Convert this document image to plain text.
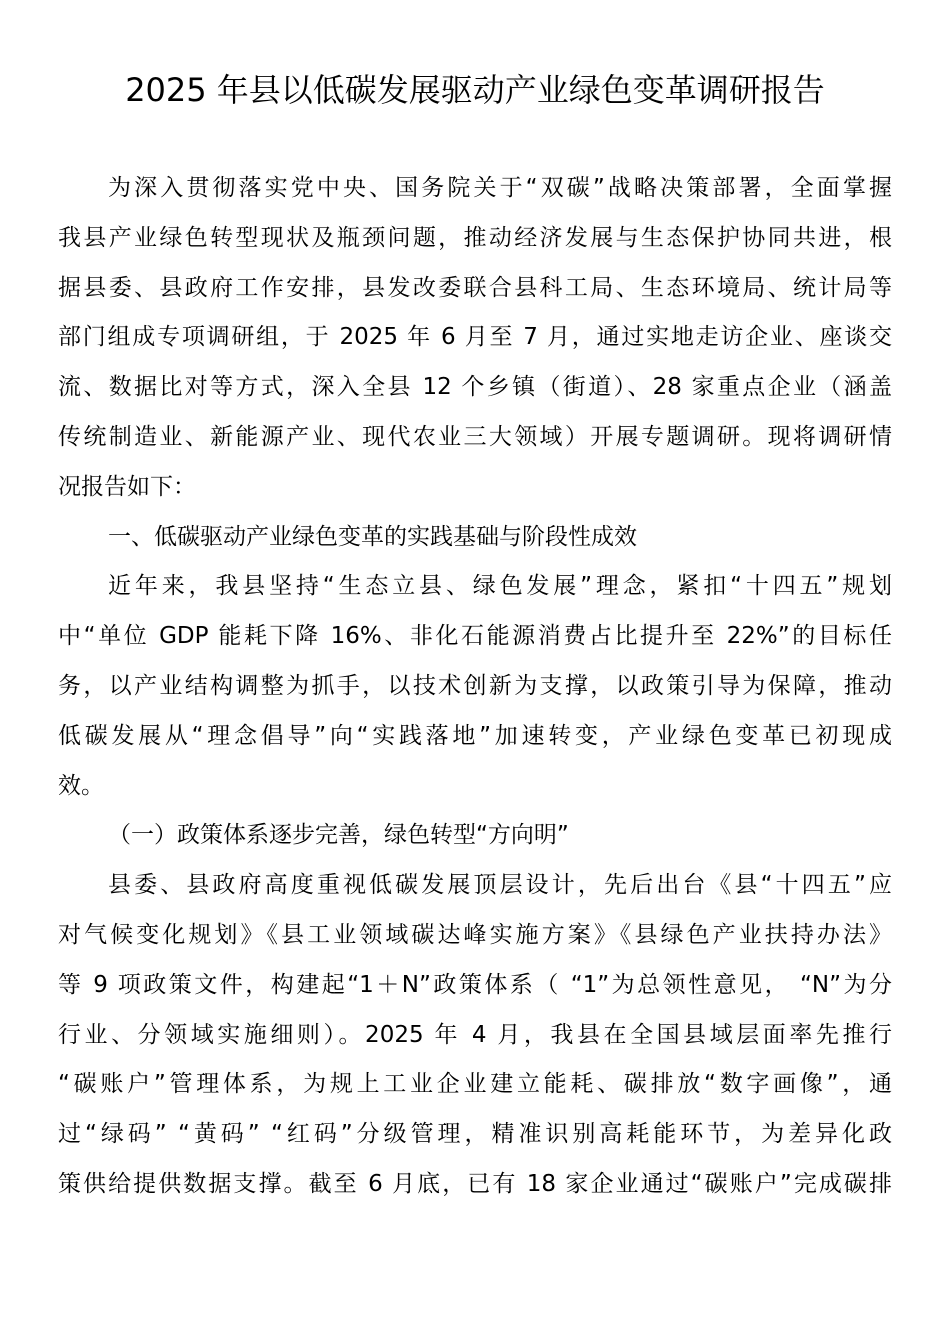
2025 年县以低碳发展驱动产业绿色变革调研报告
为深入贯彻落实党中央、国务院关于“双碳”战略决策部署，全面掌握
我县产业绿色转型现状及瓶颈问题，推动经济发展与生态保护协同共进，根
据县委、县政府工作安排，县发改委联合县科工局、生态环境局、统计局等
部门组成专项调研组，于 2025 年 6 月至 7 月，通过实地走访企业、座谈交
流、数据比对等方式，深入全县 12 个乡镇（街道）、28 家重点企业（涵盖
传统制造业、新能源产业、现代农业三大领域）开展专题调研。现将调研情
况报告如下：
一、低碳驱动产业绿色变革的实践基础与阶段性成效
近年来，我县坚持“生态立县、绿色发展”理念，紧扣“十四五”规划
中“单位 GDP 能耗下降 16%、非化石能源消费占比提升至 22%”的目标任
务，以产业结构调整为抓手，以技术创新为支撑，以政策引导为保障，推动
低碳发展从“理念倡导”向“实践落地”加速转变，产业绿色变革已初现成
效。
（一）政策体系逐步完善，绿色转型“方向明”
县委、县政府高度重视低碳发展顶层设计，先后出台《县“十四五”应
对气候变化规划》《县工业领域碳达峰实施方案》《县绿色产业扶持办法》
等 9 项政策文件，构建起“1＋N”政策体系（ “1”为总领性意见， “N”为分
行业、分领域实施细则）。2025 年 4 月，我县在全国县域层面率先推行
“碳账户”管理体系，为规上工业企业建立能耗、碳排放“数字画像”，通
过“绿码” “黄码” “红码”分级管理，精准识别高耗能环节，为差异化政
策供给提供数据支撑。截至 6 月底，已有 18 家企业通过“碳账户”完成碳排
